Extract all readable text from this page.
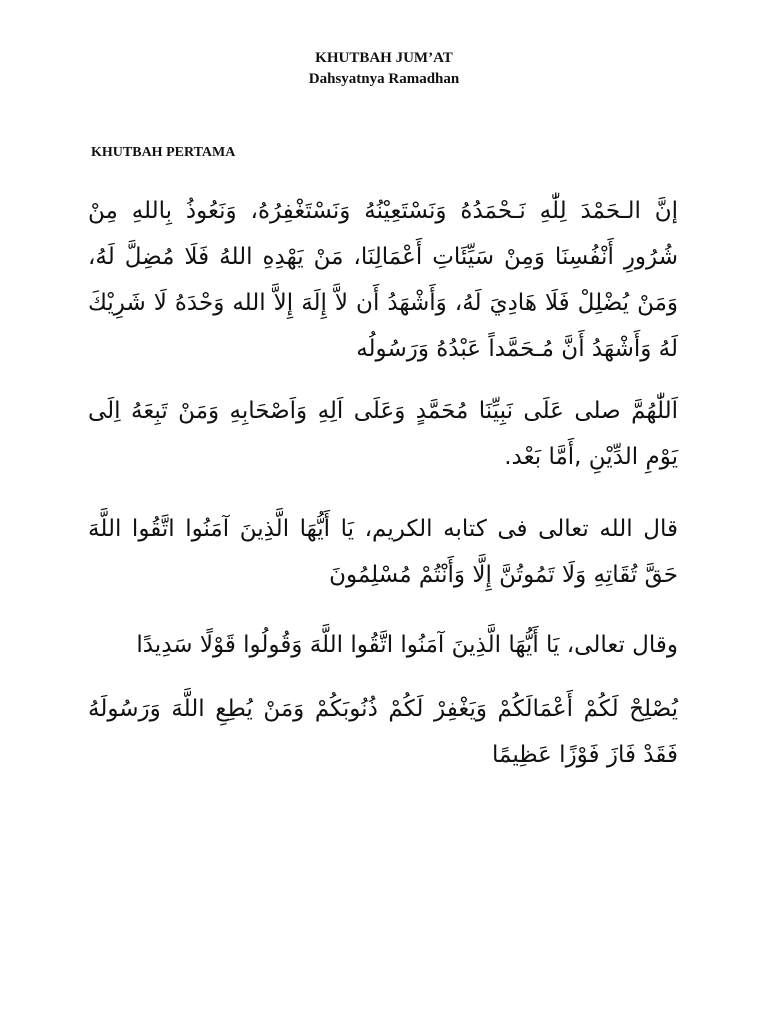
KHUTBAH JUM’AT
Dahsyatnya Ramadhan
KHUTBAH PERTAMA
إنَّ الـحَمْدَ لِلّٰهِ نَـحْمَدُهُ وَنَسْتَعِيْنُهُ وَنَسْتَغْفِرُهُ، وَنَعُوذُ بِاللهِ مِنْ شُرُورِ أَنْفُسِنَا وَمِنْ سَيِّئَاتِ أَعْمَالِنَا، مَنْ يَهْدِهِ اللهُ فَلَا مُضِلَّ لَهُ، وَمَنْ يُضْلِلْ فَلَا هَادِيَ لَهُ، وَأَشْهَدُ أَن لاَّ إِلَهَ إِلاَّ الله وَحْدَهُ لَا شَرِيْكَ لَهُ وَأَشْهَدُ أَنَّ مُـحَمَّداً عَبْدُهُ وَرَسُولُه
اَللّٰهُمَّ صلى عَلَى نَبِيِّنَا مُحَمَّدٍ وَعَلَى اَلِهِ وَاَصْحَابِهِ وَمَنْ تَبِعَهُ اِلَى يَوْمِ الدِّيْنِ ,أَمَّا بَعْد.
قال الله تعالى فى كتابه الكريم، يَا أَيُّهَا الَّذِينَ آمَنُوا اتَّقُوا اللَّهَ حَقَّ تُقَاتِهِ وَلَا تَمُوتُنَّ إِلَّا وَأَنْتُمْ مُسْلِمُونَ
وقال تعالى، يَا أَيُّهَا الَّذِينَ آمَنُوا اتَّقُوا اللَّهَ وَقُولُوا قَوْلًا سَدِيدًا
يُصْلِحْ لَكُمْ أَعْمَالَكُمْ وَيَغْفِرْ لَكُمْ ذُنُوبَكُمْ وَمَنْ يُطِعِ اللَّهَ وَرَسُولَهُ فَقَدْ فَازَ فَوْزًا عَظِيمًا
